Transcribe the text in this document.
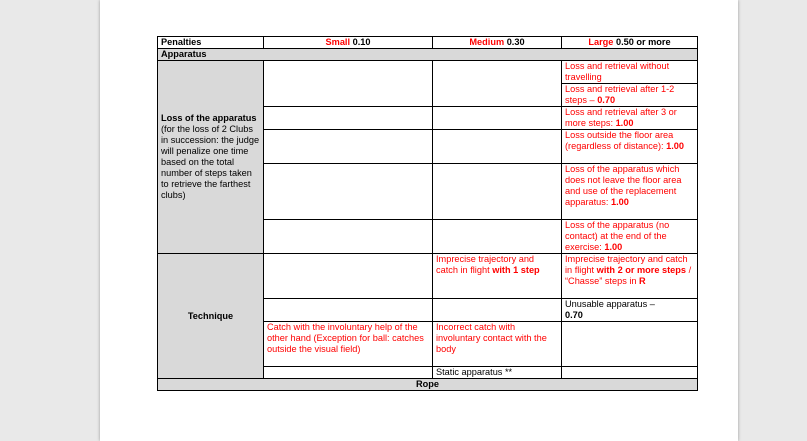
Penalties	Small 0.10	Medium 0.30	Large 0.50 or more
Apparatus			

Loss of the apparatus
(for the loss of 2 Clubs in succession: the judge will penalize one time based on the total number of steps taken to retrieve the farthest clubs)			Loss and retrieval without travelling
			Loss and retrieval after 1-2 steps – 0.70
			Loss and retrieval after 3 or more steps: 1.00
			Loss outside the floor area (regardless of distance): 1.00
			Loss of the apparatus which does not leave the floor area and use of the replacement apparatus: 1.00
			Loss of the apparatus (no contact) at the end of the exercise: 1.00
Technique		Imprecise trajectory and catch in flight with 1 step	Imprecise trajectory and catch in flight with 2 or more steps / “Chasse” steps in R

			Unusable apparatus –
0.70
	Catch with the involuntary help of the other hand (Exception for ball: catches outside the visual field)	Incorrect catch with involuntary contact with the body	
		Static apparatus **	
Rope			
